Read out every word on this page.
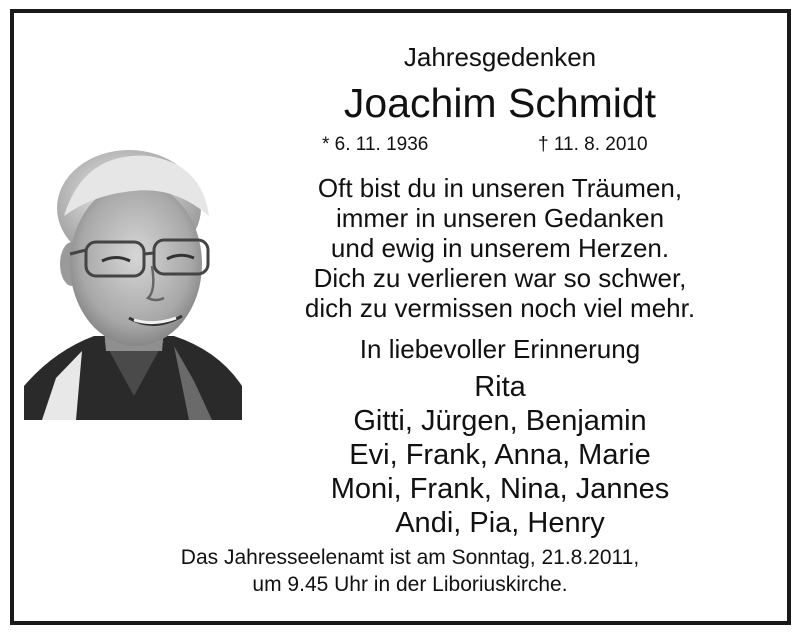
Jahresgedenken
Joachim Schmidt
* 6. 11. 1936	† 11. 8. 2010
Oft bist du in unseren Träumen,
immer in unseren Gedanken
und ewig in unserem Herzen.
Dich zu verlieren war so schwer,
dich zu vermissen noch viel mehr.
In liebevoller Erinnerung
Rita
Gitti, Jürgen, Benjamin
Evi, Frank, Anna, Marie
Moni, Frank, Nina, Jannes
Andi, Pia, Henry
Das Jahresseelenamt ist am Sonntag, 21.8.2011,
um 9.45 Uhr in der Liboriuskirche.
